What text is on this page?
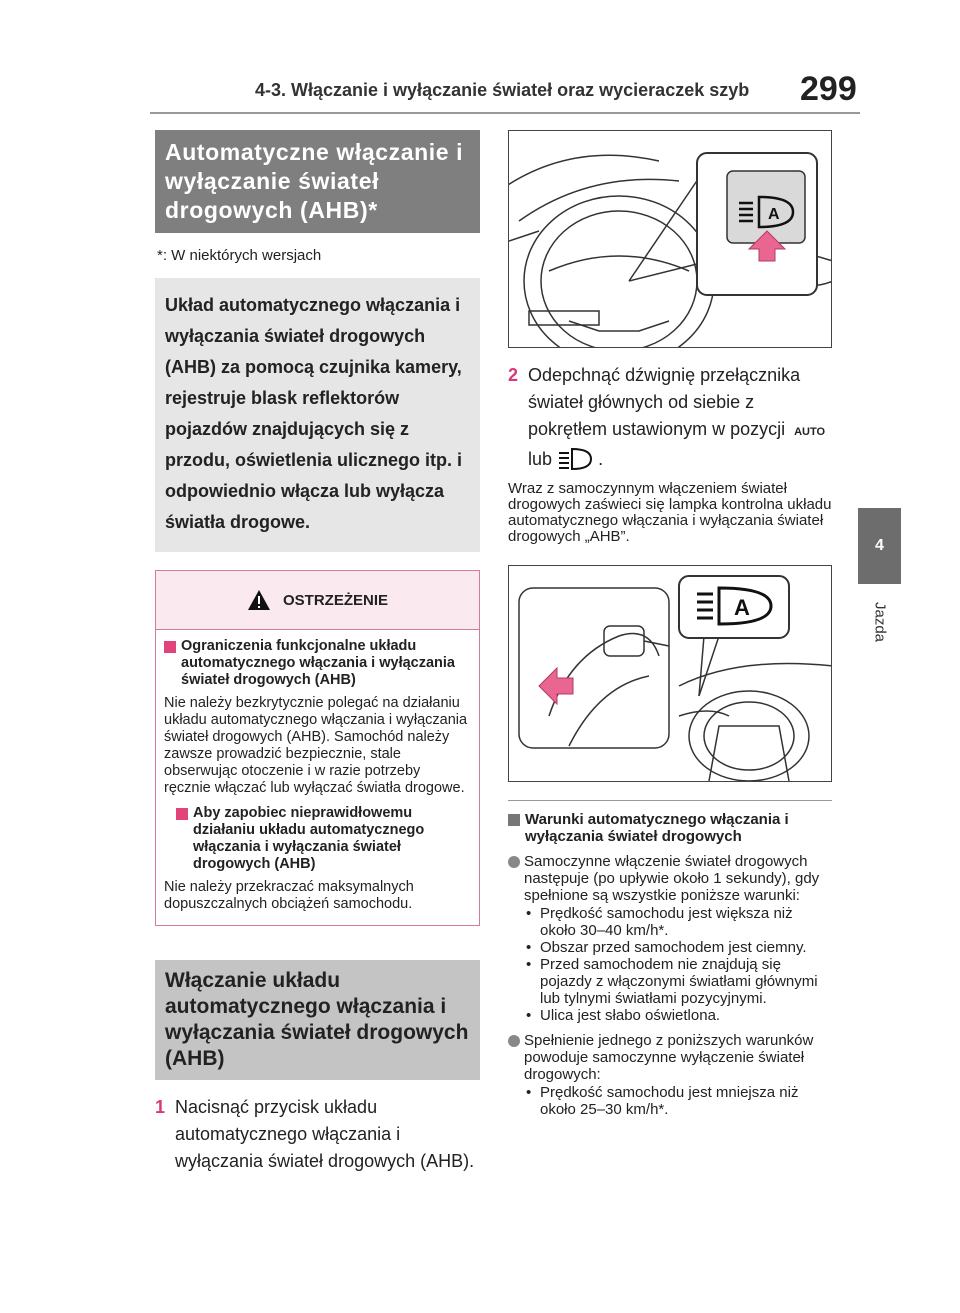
4-3. Włączanie i wyłączanie świateł oraz wycieraczek szyb 299
4
Jazda
Automatyczne włączanie i wyłączanie świateł drogowych (AHB)*
*: W niektórych wersjach
Układ automatycznego włączania i wyłączania świateł drogowych (AHB) za pomocą czujnika kamery, rejestruje blask reflektorów pojazdów znajdujących się z przodu, oświetlenia ulicznego itp. i odpowiednio włącza lub wyłącza światła drogowe.
OSTRZEŻENIE
Ograniczenia funkcjonalne układu automatycznego włączania i wyłączania świateł drogowych (AHB)
Nie należy bezkrytycznie polegać na działaniu układu automatycznego włączania i wyłączania świateł drogowych (AHB). Samochód należy zawsze prowadzić bezpiecznie, stale obserwując otoczenie i w razie potrzeby ręcznie włączać lub wyłączać światła drogowe.
Aby zapobiec nieprawidłowemu działaniu układu automatycznego włączania i wyłączania świateł drogowych (AHB)
Nie należy przekraczać maksymalnych dopuszczalnych obciążeń samochodu.
Włączanie układu automatycznego włączania i wyłączania świateł drogowych (AHB)
1 Nacisnąć przycisk układu automatycznego włączania i wyłączania świateł drogowych (AHB).
A
2 Odepchnąć dźwignię przełącznika świateł głównych od siebie z pokrętłem ustawionym w pozycji AUTO lub	.
Wraz z samoczynnym włączeniem świateł drogowych zaświeci się lampka kontrolna układu automatycznego włączania i wyłączania świateł drogowych „AHB”.
A
Warunki automatycznego włączania i wyłączania świateł drogowych
Samoczynne włączenie świateł drogowych następuje (po upływie około 1 sekundy), gdy spełnione są wszystkie poniższe warunki:
• Prędkość samochodu jest większa niż około 30–40 km/h*.
• Obszar przed samochodem jest ciemny.
• Przed samochodem nie znajdują się pojazdy z włączonymi światłami głównymi lub tylnymi światłami pozycyjnymi.
• Ulica jest słabo oświetlona.
Spełnienie jednego z poniższych warunków powoduje samoczynne wyłączenie świateł drogowych:
• Prędkość samochodu jest mniejsza niż około 25–30 km/h*.
